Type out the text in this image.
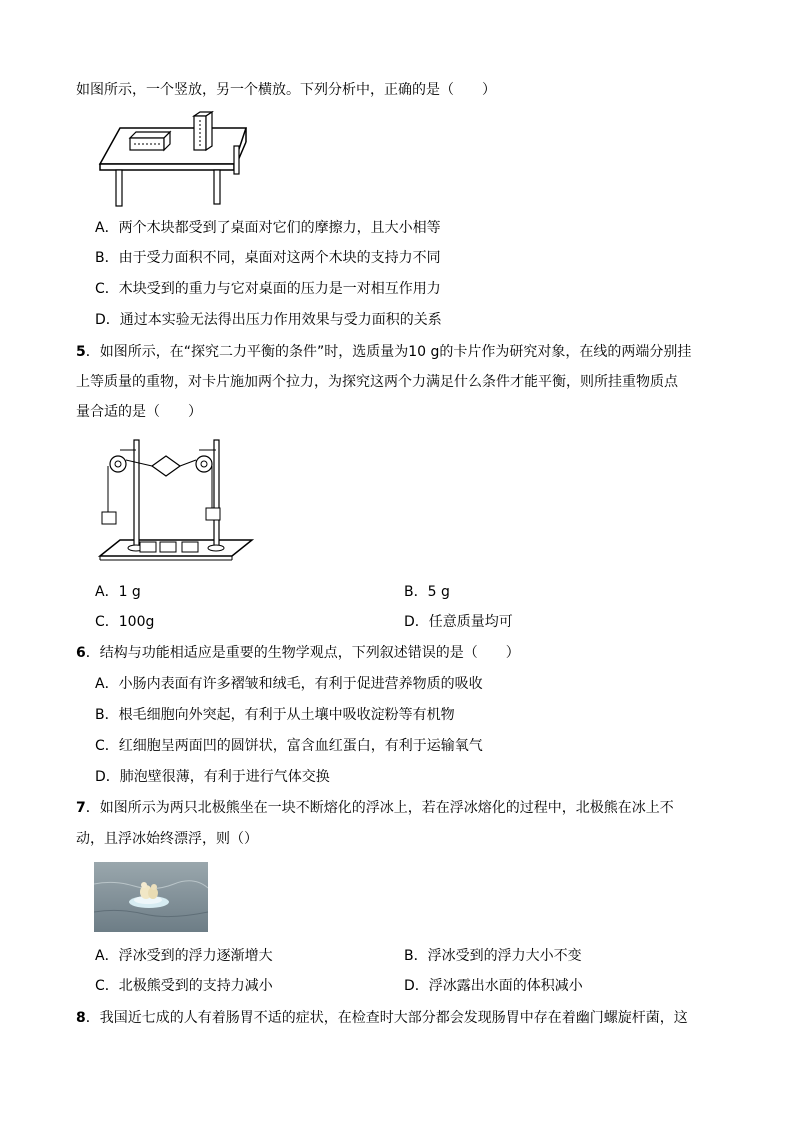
如图所示，一个竖放，另一个横放。下列分析中，正确的是（　　）
A．两个木块都受到了桌面对它们的摩擦力，且大小相等
B．由于受力面积不同，桌面对这两个木块的支持力不同
C．木块受到的重力与它对桌面的压力是一对相互作用力
D．通过本实验无法得出压力作用效果与受力面积的关系
5．如图所示，在“探究二力平衡的条件”时，选质量为10 g的卡片作为研究对象，在线的两端分别挂
上等质量的重物，对卡片施加两个拉力，为探究这两个力满足什么条件才能平衡，则所挂重物质点
量合适的是（　　）
A．1 g	B．5 g
C．100g	D．任意质量均可
6．结构与功能相适应是重要的生物学观点，下列叙述错误的是（　　）
A．小肠内表面有许多褶皱和绒毛，有利于促进营养物质的吸收
B．根毛细胞向外突起，有利于从土壤中吸收淀粉等有机物
C．红细胞呈两面凹的圆饼状，富含血红蛋白，有利于运输氧气
D．肺泡壁很薄，有利于进行气体交换
7．如图所示为两只北极熊坐在一块不断熔化的浮冰上，若在浮冰熔化的过程中，北极熊在冰上不
动，且浮冰始终漂浮，则（）
A．浮冰受到的浮力逐渐增大	B．浮冰受到的浮力大小不变
C．北极熊受到的支持力减小	D．浮冰露出水面的体积减小
8．我国近七成的人有着肠胃不适的症状，在检查时大部分都会发现肠胃中存在着幽门螺旋杆菌，这
